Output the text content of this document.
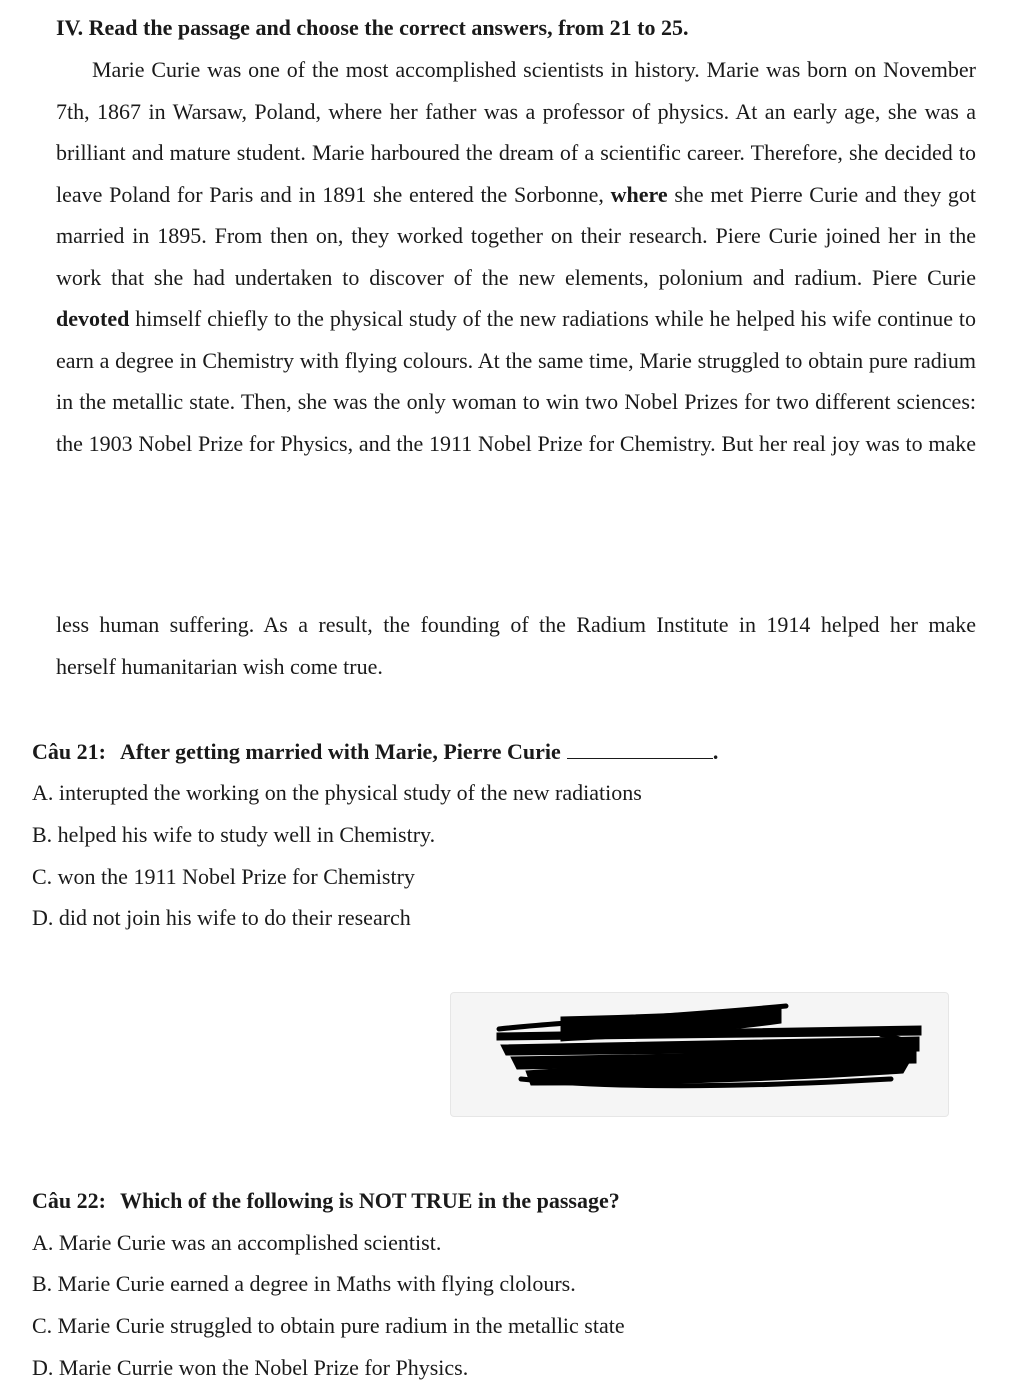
IV. Read the passage and choose the correct answers, from 21 to 25.
Marie Curie was one of the most accomplished scientists in history. Marie was born on November 7th, 1867 in Warsaw, Poland, where her father was a professor of physics. At an early age, she was a brilliant and mature student. Marie harboured the dream of a scientific career. Therefore, she decided to leave Poland for Paris and in 1891 she entered the Sorbonne, where she met Pierre Curie and they got married in 1895. From then on, they worked together on their research. Piere Curie joined her in the work that she had undertaken to discover of the new elements, polonium and radium. Piere Curie devoted himself chiefly to the physical study of the new radiations while he helped his wife continue to earn a degree in Chemistry with flying colours. At the same time, Marie struggled to obtain pure radium in the metallic state. Then, she was the only woman to win two Nobel Prizes for two different sciences: the 1903 Nobel Prize for Physics, and the 1911 Nobel Prize for Chemistry. But her real joy was to make
less human suffering. As a result, the founding of the Radium Institute in 1914 helped her make
herself humanitarian wish come true.
Câu 21: After getting married with Marie, Pierre Curie	.
A. interupted the working on the physical study of the new radiations
B. helped his wife to study well in Chemistry.
C. won the 1911 Nobel Prize for Chemistry
D. did not join his wife to do their research
Câu 22: Which of the following is NOT TRUE in the passage?
A. Marie Curie was an accomplished scientist.
B. Marie Curie earned a degree in Maths with flying clolours.
C. Marie Curie struggled to obtain pure radium in the metallic state
D. Marie Currie won the Nobel Prize for Physics.
